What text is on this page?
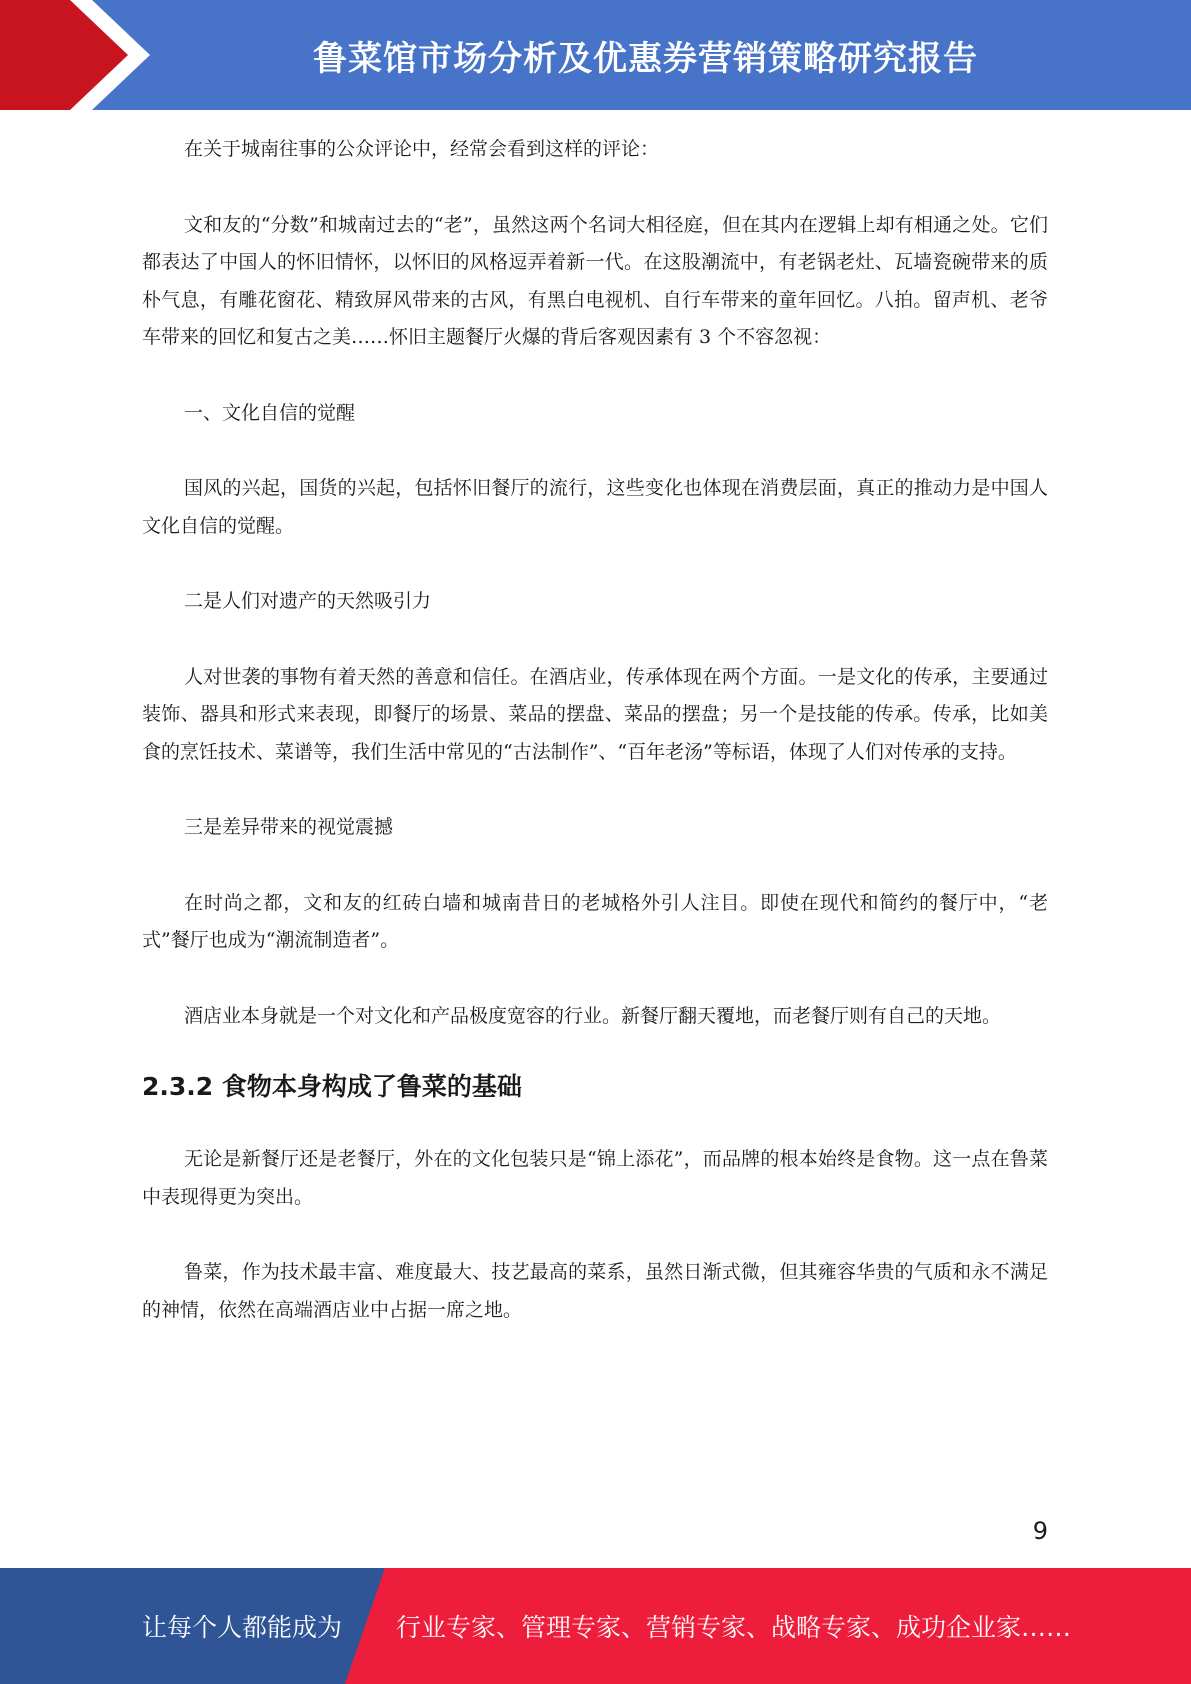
鲁菜馆市场分析及优惠券营销策略研究报告

在关于城南往事的公众评论中，经常会看到这样的评论：

文和友的“分数”和城南过去的“老”，虽然这两个名词大相径庭，但在其内在逻辑上却有相通之处。它们都表达了中国人的怀旧情怀，以怀旧的风格逗弄着新一代。在这股潮流中，有老锅老灶、瓦墙瓷碗带来的质朴气息，有雕花窗花、精致屏风带来的古风，有黑白电视机、自行车带来的童年回忆。八拍。留声机、老爷车带来的回忆和复古之美……怀旧主题餐厅火爆的背后客观因素有 3 个不容忽视：

一、文化自信的觉醒

国风的兴起，国货的兴起，包括怀旧餐厅的流行，这些变化也体现在消费层面，真正的推动力是中国人文化自信的觉醒。

二是人们对遗产的天然吸引力

人对世袭的事物有着天然的善意和信任。在酒店业，传承体现在两个方面。一是文化的传承，主要通过装饰、器具和形式来表现，即餐厅的场景、菜品的摆盘、菜品的摆盘；另一个是技能的传承。传承，比如美食的烹饪技术、菜谱等，我们生活中常见的“古法制作”、“百年老汤”等标语，体现了人们对传承的支持。

三是差异带来的视觉震撼

在时尚之都，文和友的红砖白墙和城南昔日的老城格外引人注目。即使在现代和简约的餐厅中，“老式”餐厅也成为“潮流制造者”。

酒店业本身就是一个对文化和产品极度宽容的行业。新餐厅翻天覆地，而老餐厅则有自己的天地。

2.3.2 食物本身构成了鲁菜的基础

无论是新餐厅还是老餐厅，外在的文化包装只是“锦上添花”，而品牌的根本始终是食物。这一点在鲁菜中表现得更为突出。

鲁菜，作为技术最丰富、难度最大、技艺最高的菜系，虽然日渐式微，但其雍容华贵的气质和永不满足的神情，依然在高端酒店业中占据一席之地。

9
让每个人都能成为 行业专家、管理专家、营销专家、战略专家、成功企业家……
